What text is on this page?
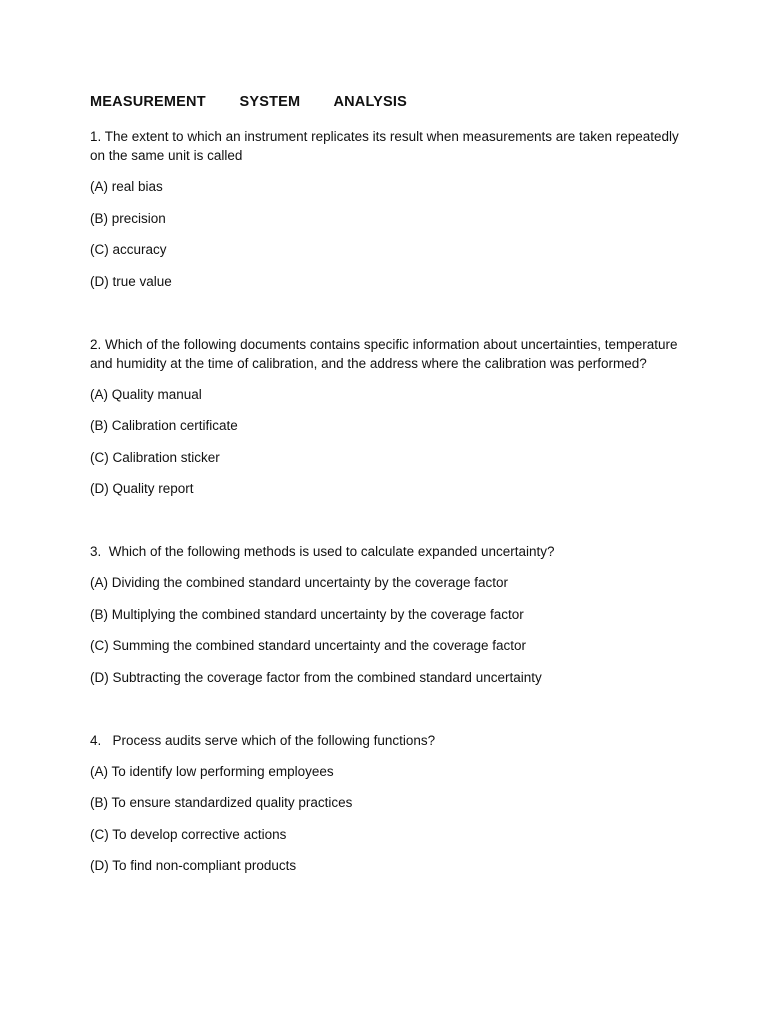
MEASUREMENT   SYSTEM   ANALYSIS

1. The extent to which an instrument replicates its result when measurements are taken repeatedly on the same unit is called

(A) real bias

(B) precision

(C) accuracy

(D) true value

2. Which of the following documents contains specific information about uncertainties, temperature and humidity at the time of calibration, and the address where the calibration was performed?

(A) Quality manual

(B) Calibration certificate

(C) Calibration sticker

(D) Quality report

3.  Which of the following methods is used to calculate expanded uncertainty?

(A) Dividing the combined standard uncertainty by the coverage factor

(B) Multiplying the combined standard uncertainty by the coverage factor

(C) Summing the combined standard uncertainty and the coverage factor

(D) Subtracting the coverage factor from the combined standard uncertainty

4.   Process audits serve which of the following functions?

(A) To identify low performing employees

(B) To ensure standardized quality practices

(C) To develop corrective actions

(D) To find non-compliant products
